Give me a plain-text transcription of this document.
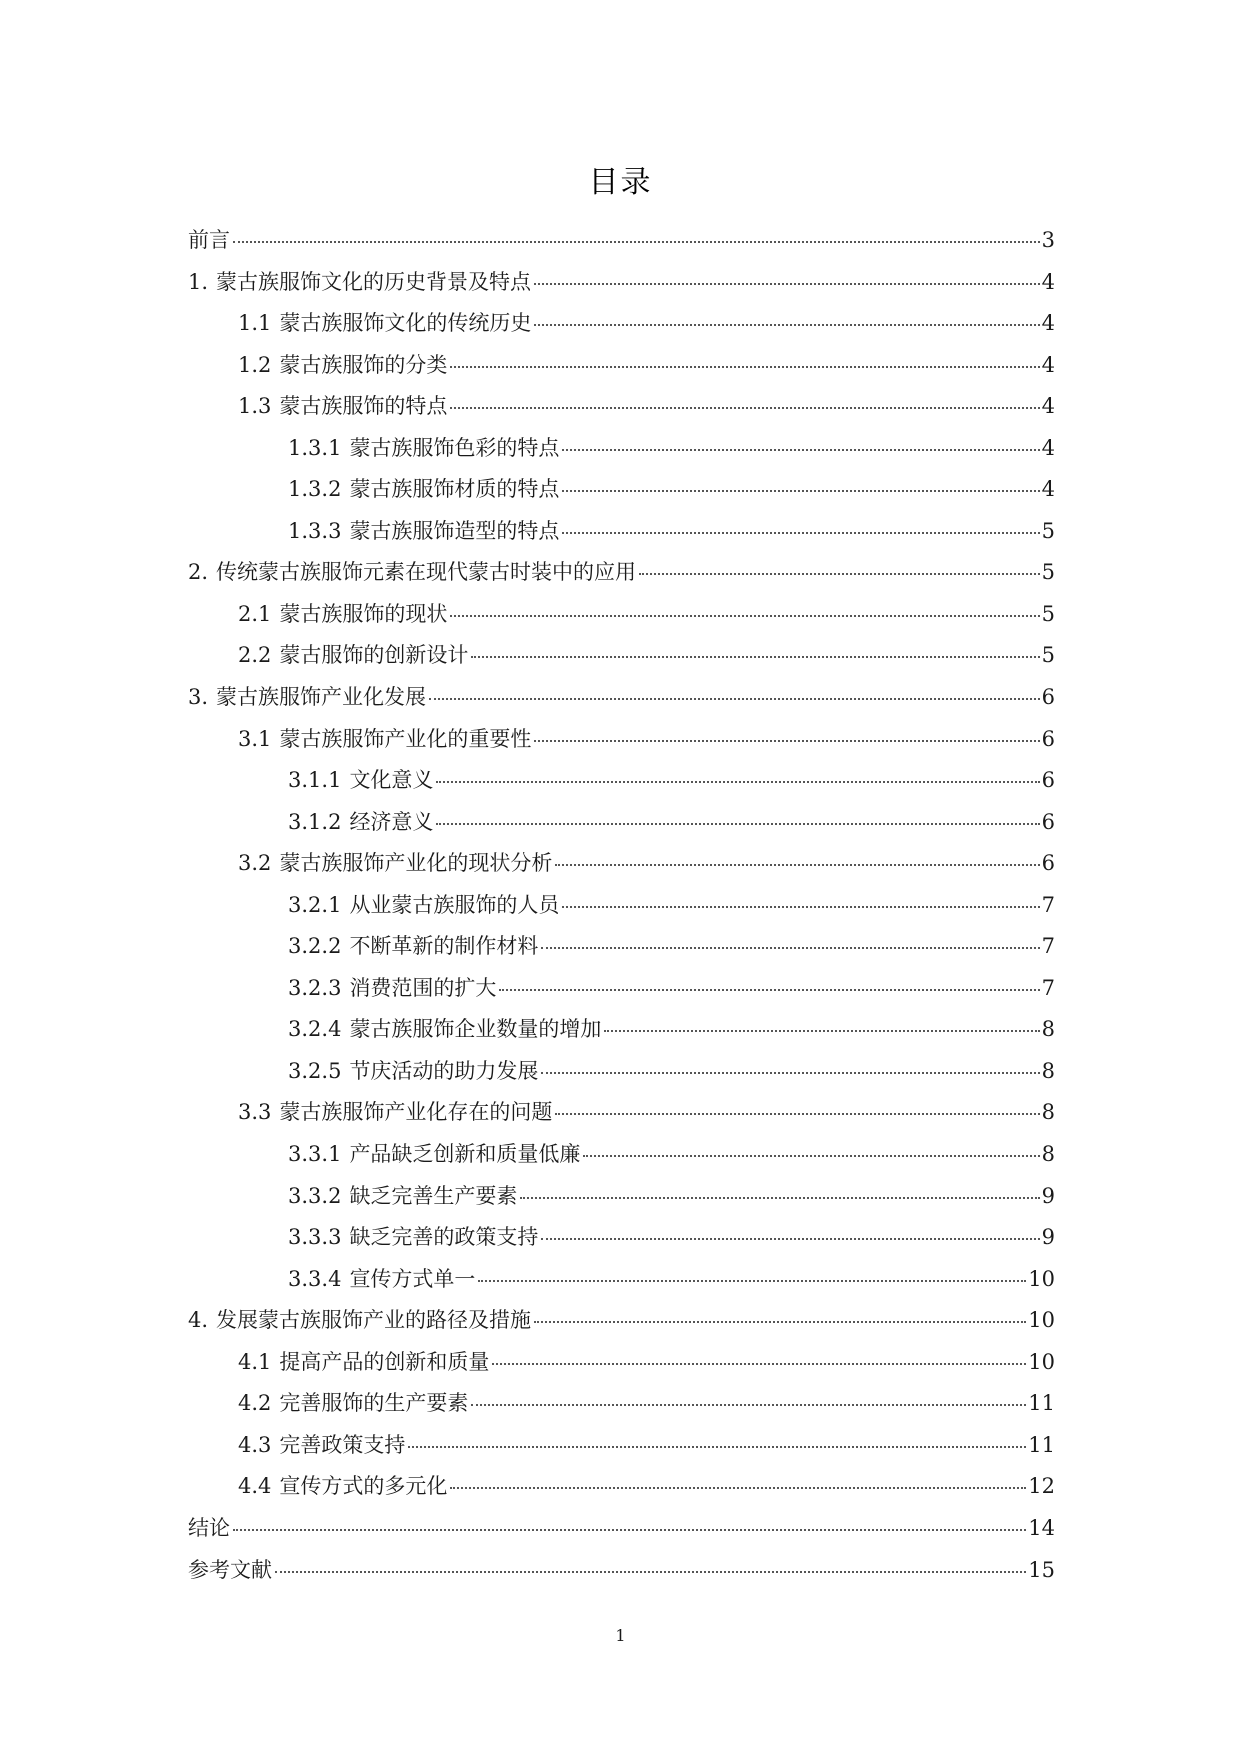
目录
前言	3
1. 蒙古族服饰文化的历史背景及特点	4
1.1 蒙古族服饰文化的传统历史	4
1.2 蒙古族服饰的分类	4
1.3 蒙古族服饰的特点	4
1.3.1 蒙古族服饰色彩的特点	4
1.3.2 蒙古族服饰材质的特点	4
1.3.3 蒙古族服饰造型的特点	5
2. 传统蒙古族服饰元素在现代蒙古时装中的应用	5
2.1 蒙古族服饰的现状	5
2.2 蒙古服饰的创新设计	5
3. 蒙古族服饰产业化发展	6
3.1 蒙古族服饰产业化的重要性	6
3.1.1 文化意义	6
3.1.2 经济意义	6
3.2 蒙古族服饰产业化的现状分析	6
3.2.1 从业蒙古族服饰的人员	7
3.2.2 不断革新的制作材料	7
3.2.3 消费范围的扩大	7
3.2.4 蒙古族服饰企业数量的增加	8
3.2.5 节庆活动的助力发展	8
3.3 蒙古族服饰产业化存在的问题	8
3.3.1 产品缺乏创新和质量低廉	8
3.3.2 缺乏完善生产要素	9
3.3.3 缺乏完善的政策支持	9
3.3.4 宣传方式单一	10
4. 发展蒙古族服饰产业的路径及措施	10
4.1 提高产品的创新和质量	10
4.2 完善服饰的生产要素	11
4.3 完善政策支持	11
4.4 宣传方式的多元化	12
结论	14
参考文献	15
1
